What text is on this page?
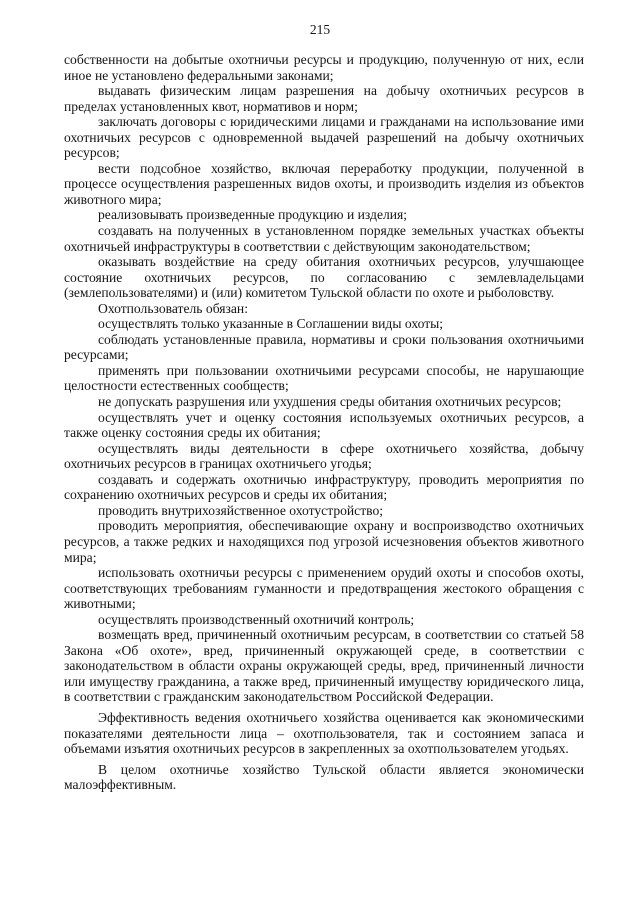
215

собственности на добытые охотничьи ресурсы и продукцию, полученную от них, если иное не установлено федеральными законами;

выдавать физическим лицам разрешения на добычу охотничьих ресурсов в пределах установленных квот, нормативов и норм;

заключать договоры с юридическими лицами и гражданами на использование ими охотничьих ресурсов с одновременной выдачей разрешений на добычу охотничьих ресурсов;

вести подсобное хозяйство, включая переработку продукции, полученной в процессе осуществления разрешенных видов охоты, и производить изделия из объектов животного мира;

реализовывать произведенные продукцию и изделия;

создавать на полученных в установленном порядке земельных участках объекты охотничьей инфраструктуры в соответствии с действующим законодательством;

оказывать воздействие на среду обитания охотничьих ресурсов, улучшающее состояние охотничьих ресурсов, по согласованию с землевладельцами (землепользователями) и (или) комитетом Тульской области по охоте и рыболовству.

Охотпользователь обязан:

осуществлять только указанные в Соглашении виды охоты;

соблюдать установленные правила, нормативы и сроки пользования охотничьими ресурсами;

применять при пользовании охотничьими ресурсами способы, не нарушающие целостности естественных сообществ;

не допускать разрушения или ухудшения среды обитания охотничьих ресурсов;

осуществлять учет и оценку состояния используемых охотничьих ресурсов, а также оценку состояния среды их обитания;

осуществлять виды деятельности в сфере охотничьего хозяйства, добычу охотничьих ресурсов в границах охотничьего угодья;

создавать и содержать охотничью инфраструктуру, проводить мероприятия по сохранению охотничьих ресурсов и среды их обитания;

проводить внутрихозяйственное охотустройство;

проводить мероприятия, обеспечивающие охрану и воспроизводство охотничьих ресурсов, а также редких и находящихся под угрозой исчезновения объектов животного мира;

использовать охотничьи ресурсы с применением орудий охоты и способов охоты, соответствующих требованиям гуманности и предотвращения жестокого обращения с животными;

осуществлять производственный охотничий контроль;

возмещать вред, причиненный охотничьим ресурсам, в соответствии со статьей 58 Закона «Об охоте», вред, причиненный окружающей среде, в соответствии с законодательством в области охраны окружающей среды, вред, причиненный личности или имуществу гражданина, а также вред, причиненный имуществу юридического лица, в соответствии с гражданским законодательством Российской Федерации.

Эффективность ведения охотничьего хозяйства оценивается как экономическими показателями деятельности лица – охотпользователя, так и состоянием запаса и объемами изъятия охотничьих ресурсов в закрепленных за охотпользователем угодьях.

В целом охотничье хозяйство Тульской области является экономически малоэффективным.
